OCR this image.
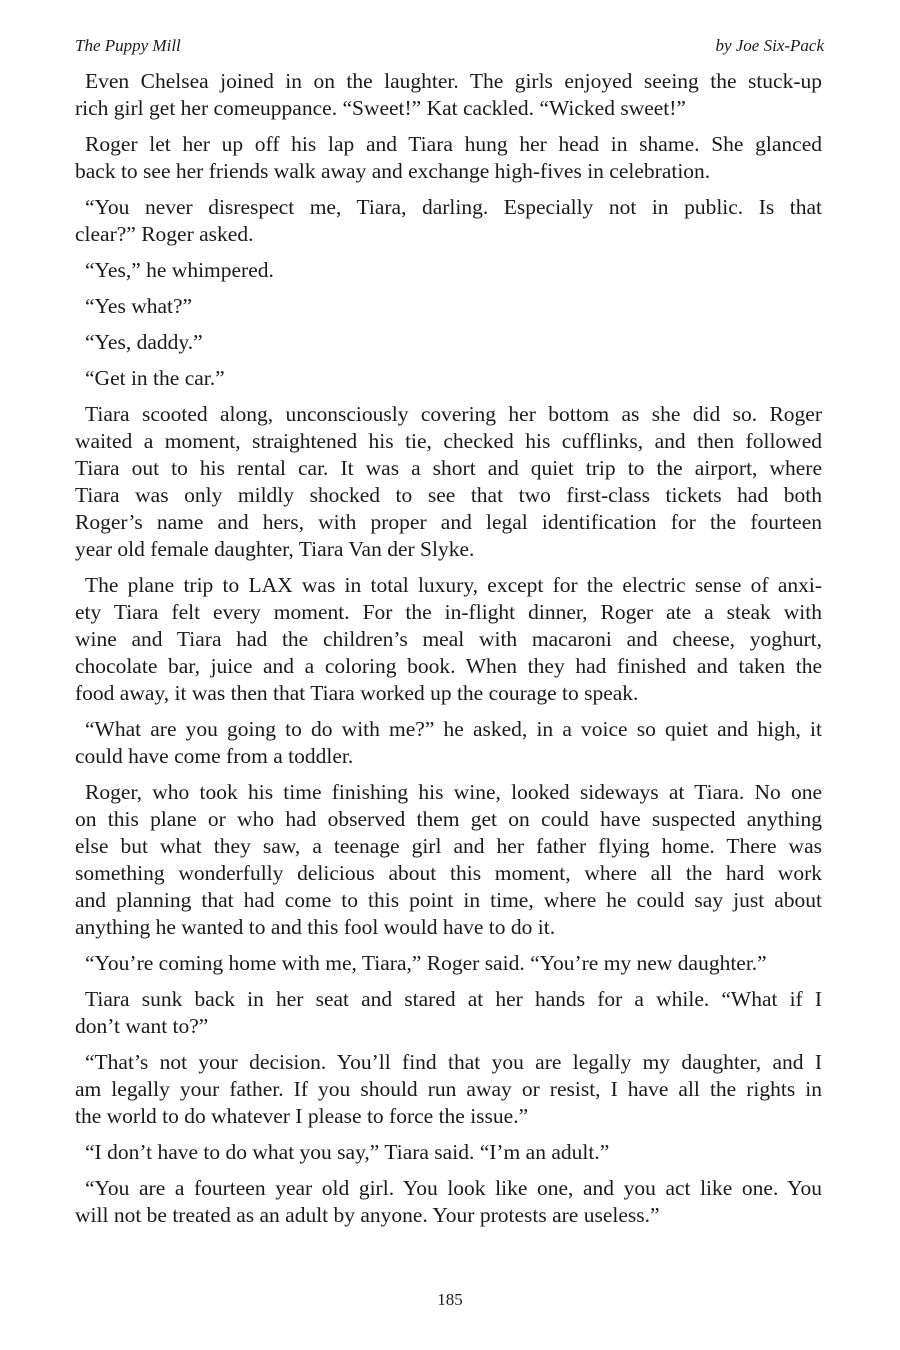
The Puppy Mill	by Joe Six-Pack

Even Chelsea joined in on the laughter. The girls enjoyed seeing the stuck-up
rich girl get her comeuppance. “Sweet!” Kat cackled. “Wicked sweet!”

Roger let her up off his lap and Tiara hung her head in shame. She glanced
back to see her friends walk away and exchange high-fives in celebration.

“You never disrespect me, Tiara, darling. Especially not in public. Is that
clear?” Roger asked.

“Yes,” he whimpered.

“Yes what?”

“Yes, daddy.”

“Get in the car.”

Tiara scooted along, unconsciously covering her bottom as she did so. Roger
waited a moment, straightened his tie, checked his cufflinks, and then followed
Tiara out to his rental car. It was a short and quiet trip to the airport, where
Tiara was only mildly shocked to see that two first-class tickets had both
Roger’s name and hers, with proper and legal identification for the fourteen
year old female daughter, Tiara Van der Slyke.

The plane trip to LAX was in total luxury, except for the electric sense of anxi-
ety Tiara felt every moment. For the in-flight dinner, Roger ate a steak with
wine and Tiara had the children’s meal with macaroni and cheese, yoghurt,
chocolate bar, juice and a coloring book. When they had finished and taken the
food away, it was then that Tiara worked up the courage to speak.

“What are you going to do with me?” he asked, in a voice so quiet and high, it
could have come from a toddler.

Roger, who took his time finishing his wine, looked sideways at Tiara. No one
on this plane or who had observed them get on could have suspected anything
else but what they saw, a teenage girl and her father flying home. There was
something wonderfully delicious about this moment, where all the hard work
and planning that had come to this point in time, where he could say just about
anything he wanted to and this fool would have to do it.

“You’re coming home with me, Tiara,” Roger said. “You’re my new daughter.”

Tiara sunk back in her seat and stared at her hands for a while. “What if I
don’t want to?”

“That’s not your decision. You’ll find that you are legally my daughter, and I
am legally your father. If you should run away or resist, I have all the rights in
the world to do whatever I please to force the issue.”

“I don’t have to do what you say,” Tiara said. “I’m an adult.”

“You are a fourteen year old girl. You look like one, and you act like one. You
will not be treated as an adult by anyone. Your protests are useless.”

185
